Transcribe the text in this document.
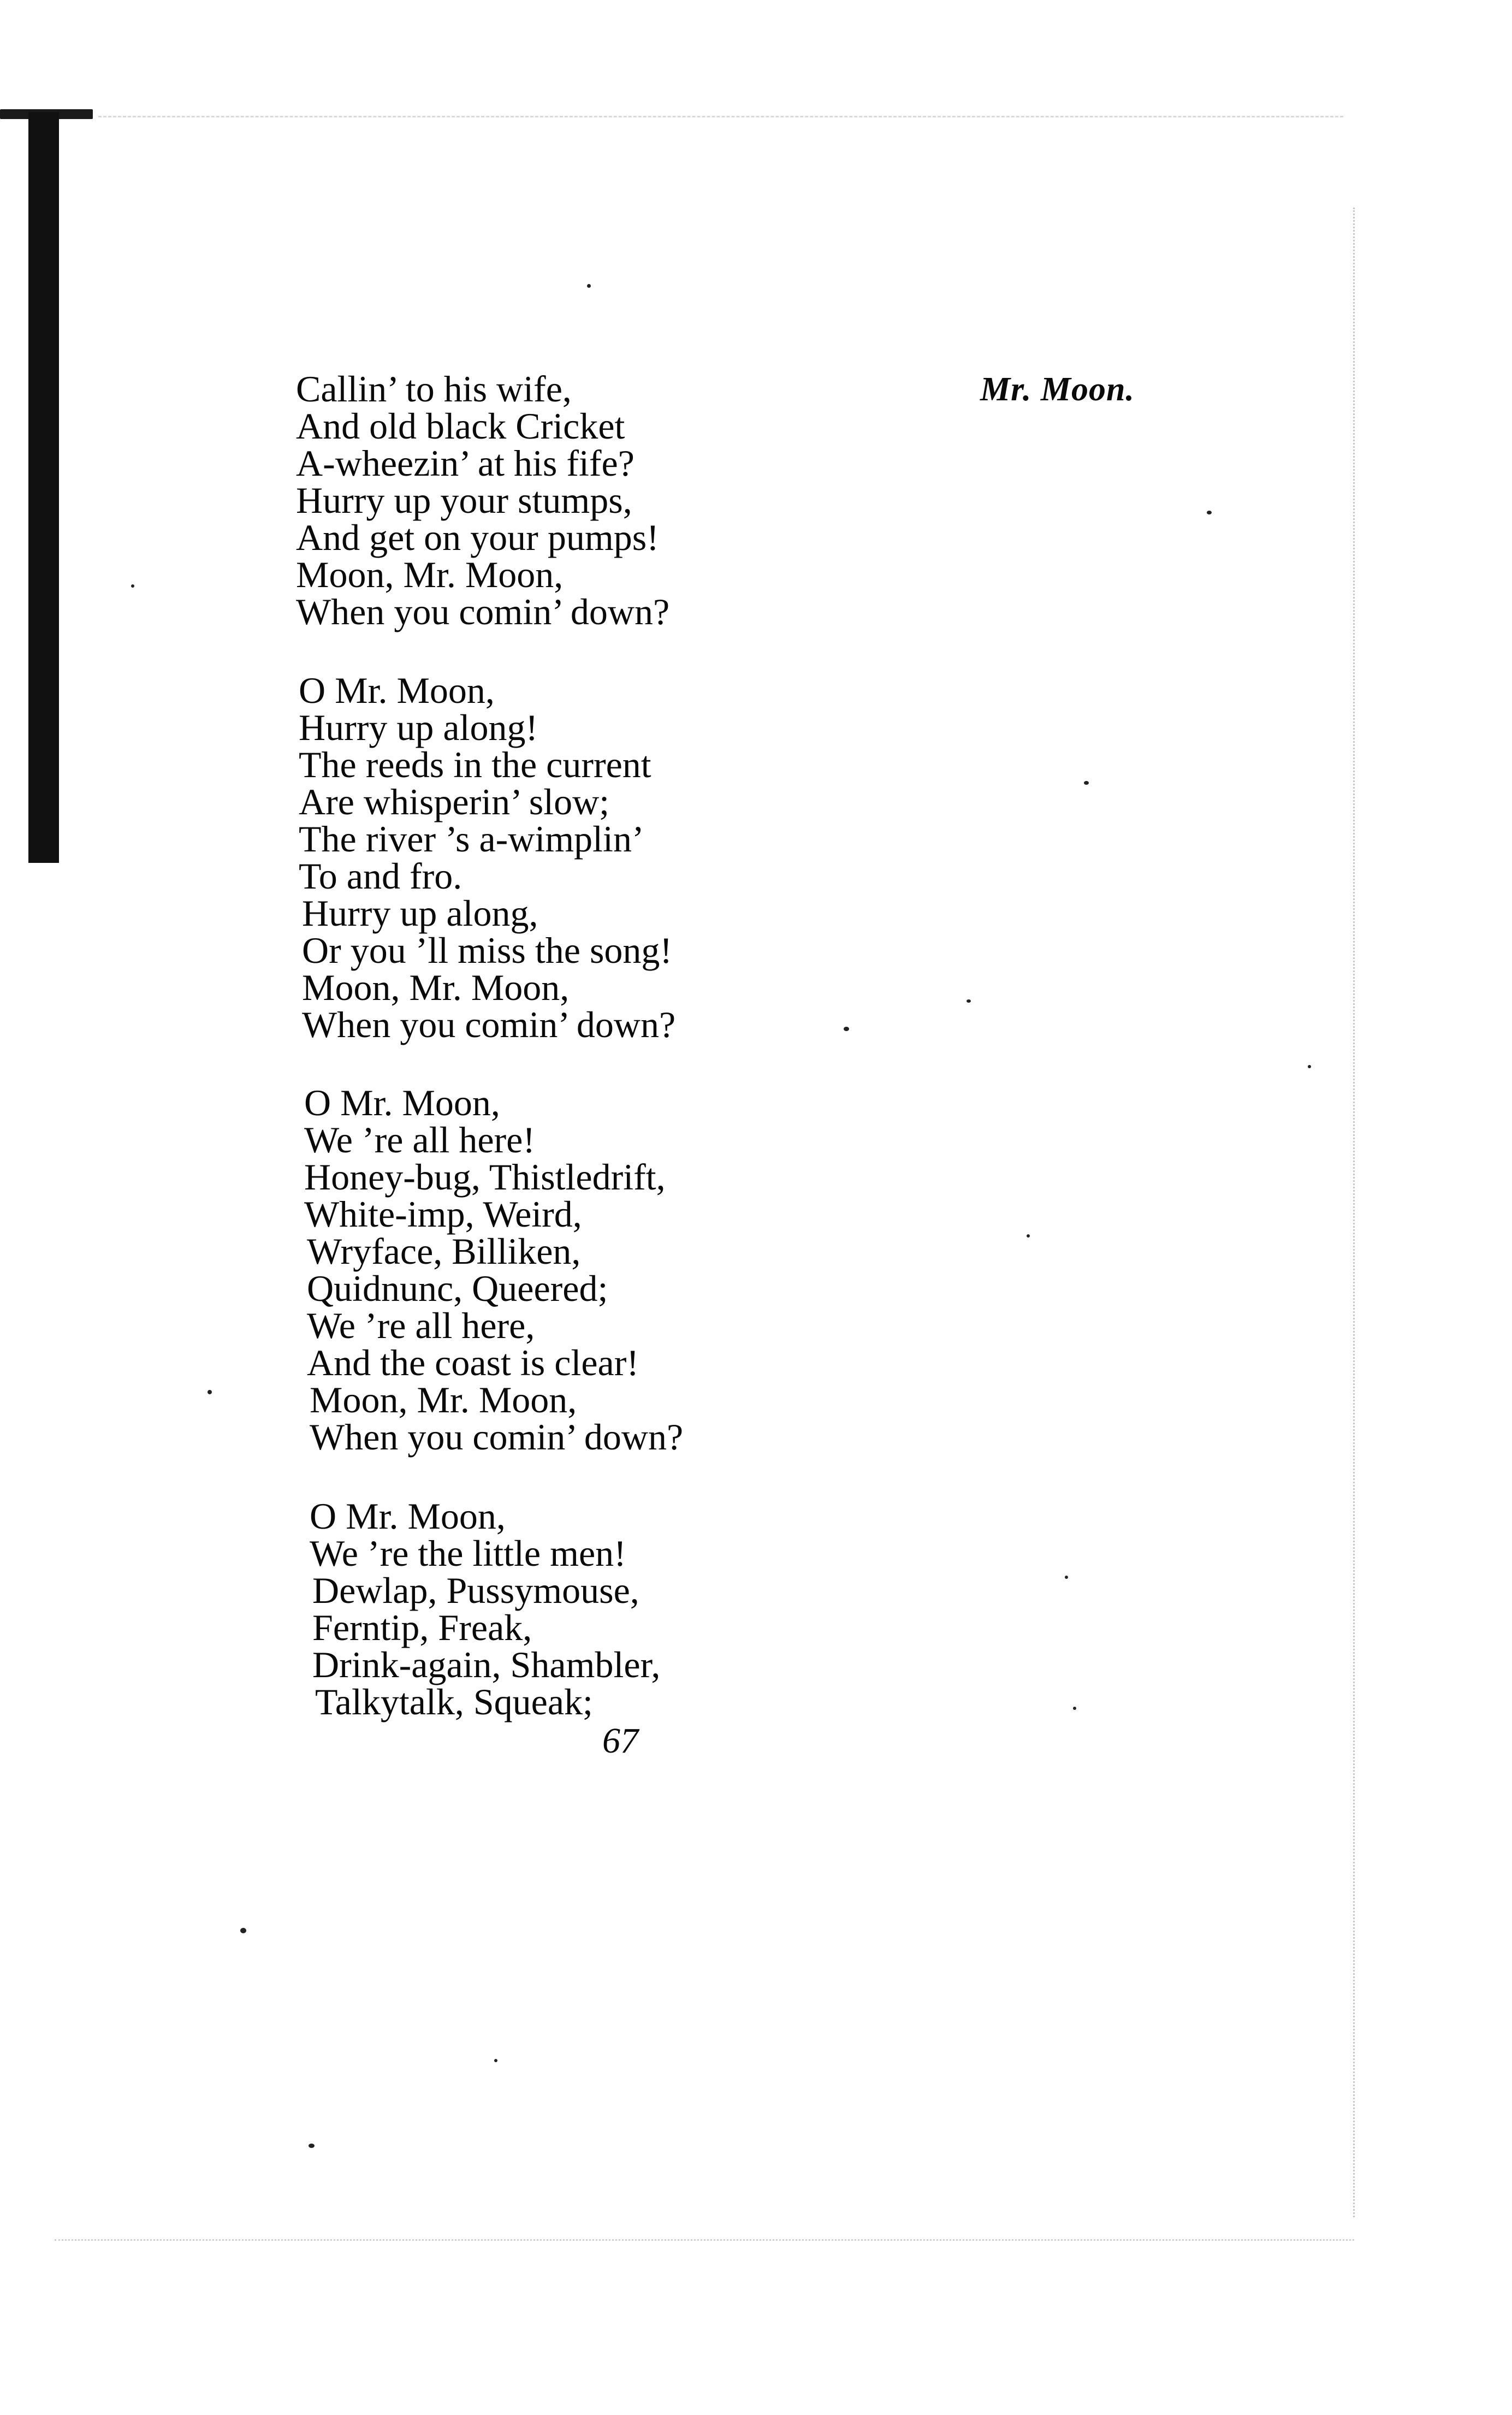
Mr. Moon.
Callin’ to his wife,
And old black Cricket
A-wheezin’ at his fife?
Hurry up your stumps,
And get on your pumps!
Moon, Mr. Moon,
When you comin’ down?
O Mr. Moon,
Hurry up along!
The reeds in the current
Are whisperin’ slow;
The river ’s a-wimplin’
To and fro.
Hurry up along,
Or you ’ll miss the song!
Moon, Mr. Moon,
When you comin’ down?
O Mr. Moon,
We ’re all here!
Honey-bug, Thistledrift,
White-imp, Weird,
Wryface, Billiken,
Quidnunc, Queered;
We ’re all here,
And the coast is clear!
Moon, Mr. Moon,
When you comin’ down?
O Mr. Moon,
We ’re the little men!
Dewlap, Pussymouse,
Ferntip, Freak,
Drink-again, Shambler,
Talkytalk, Squeak;
67
